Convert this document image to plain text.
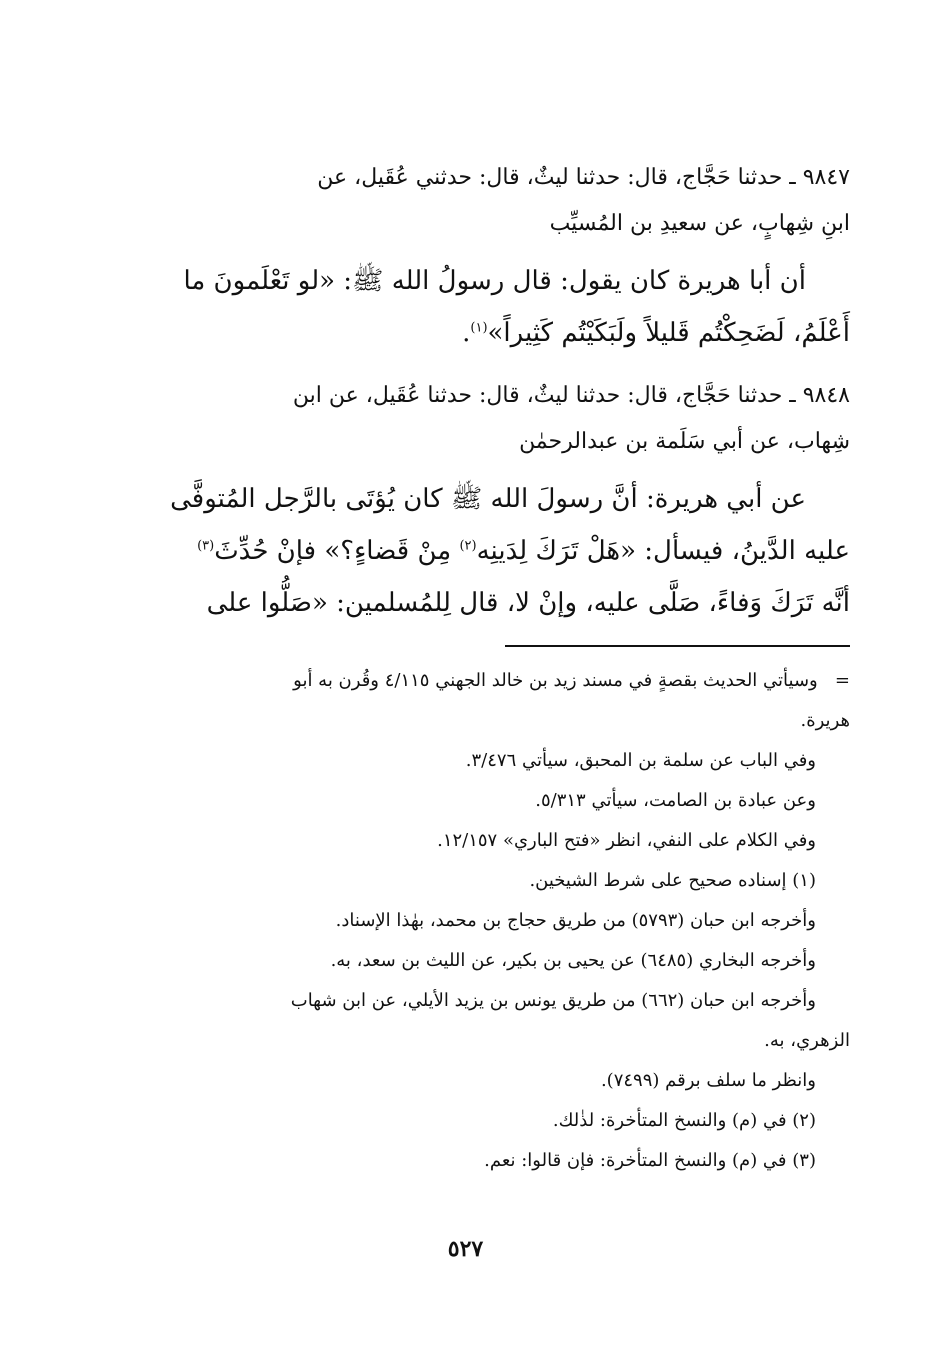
٩٨٤٧ ـ حدثنا حَجَّاج، قال: حدثنا ليثٌ، قال: حدثني عُقَيل، عن

ابنِ شِهابٍ، عن سعيدِ بن المُسيِّب

أن أبا هريرة كان يقول: قال رسولُ الله ﷺ: «لو تَعْلَمونَ ما

أَعْلَمُ، لَضَحِكْتُم قَليلاً ولَبَكَيْتُم كَثِيراً»$^{(١)}$.

٩٨٤٨ ـ حدثنا حَجَّاج، قال: حدثنا ليثٌ، قال: حدثنا عُقَيل، عن ابن

شِهاب، عن أبي سَلَمة بن عبدالرحمٰن

عن أبي هريرة: أنَّ رسولَ الله ﷺ كان يُؤتَى بالرَّجل المُتوفَّى

عليه الدَّينُ، فيسأل: «هَلْ تَرَكَ لِدَينِه$^{(٢)}$ مِنْ قَضاءٍ؟» فإنْ حُدِّثَ$^{(٣)}$

أنَّه تَرَكَ وَفاءً، صَلَّى عليه، وإنْ لا، قال لِلمُسلمين: «صَلُّوا على

=   وسيأتي الحديث بقصةٍ في مسند زيد بن خالد الجهني ٤/١١٥ وقُرن به أبو

هريرة.

وفي الباب عن سلمة بن المحبق، سيأتي ٣/٤٧٦.

وعن عبادة بن الصامت، سيأتي ٥/٣١٣.

وفي الكلام على النفي، انظر «فتح الباري» ١٢/١٥٧.

(١) إسناده صحيح على شرط الشيخين.

وأخرجه ابن حبان (٥٧٩٣) من طريق حجاج بن محمد، بهٰذا الإسناد.

وأخرجه البخاري (٦٤٨٥) عن يحيى بن بكير، عن الليث بن سعد، به.

وأخرجه ابن حبان (٦٦٢) من طريق يونس بن يزيد الأيلي، عن ابن شهاب

الزهري، به.

وانظر ما سلف برقم (٧٤٩٩).

(٢) في (م) والنسخ المتأخرة: لذٰلك.

(٣) في (م) والنسخ المتأخرة: فإن قالوا: نعم.

٥٢٧
